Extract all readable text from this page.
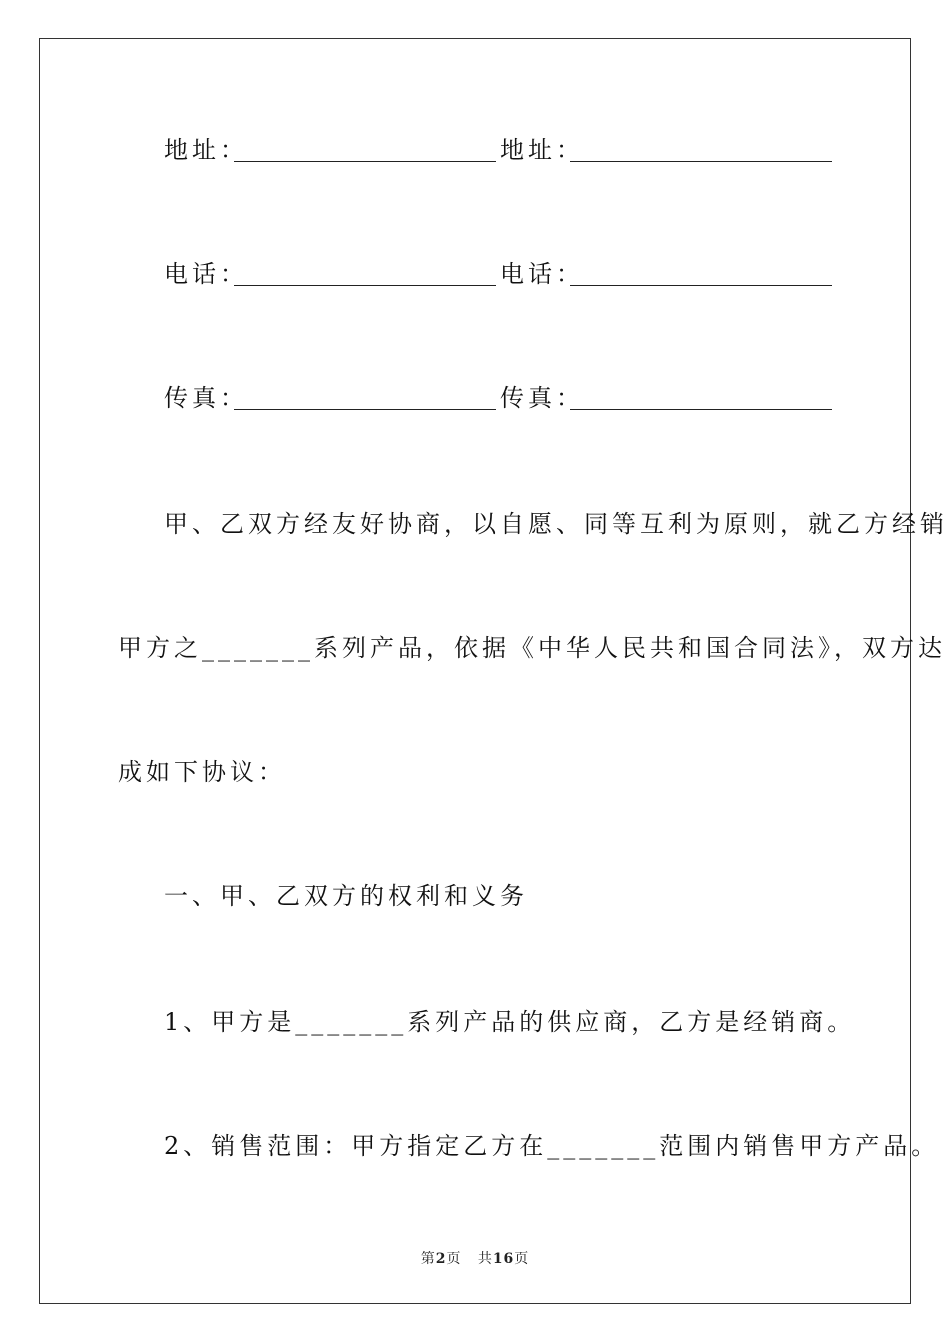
地址：	地址：
电话：	电话：
传真：	传真：
甲、乙双方经友好协商，以自愿、同等互利为原则，就乙方经销
甲方之_______系列产品，依据《中华人民共和国合同法》，双方达
成如下协议：
一、甲、乙双方的权利和义务
1、甲方是_______系列产品的供应商，乙方是经销商。
2、销售范围：甲方指定乙方在_______范围内销售甲方产品。
第2页 共16页
